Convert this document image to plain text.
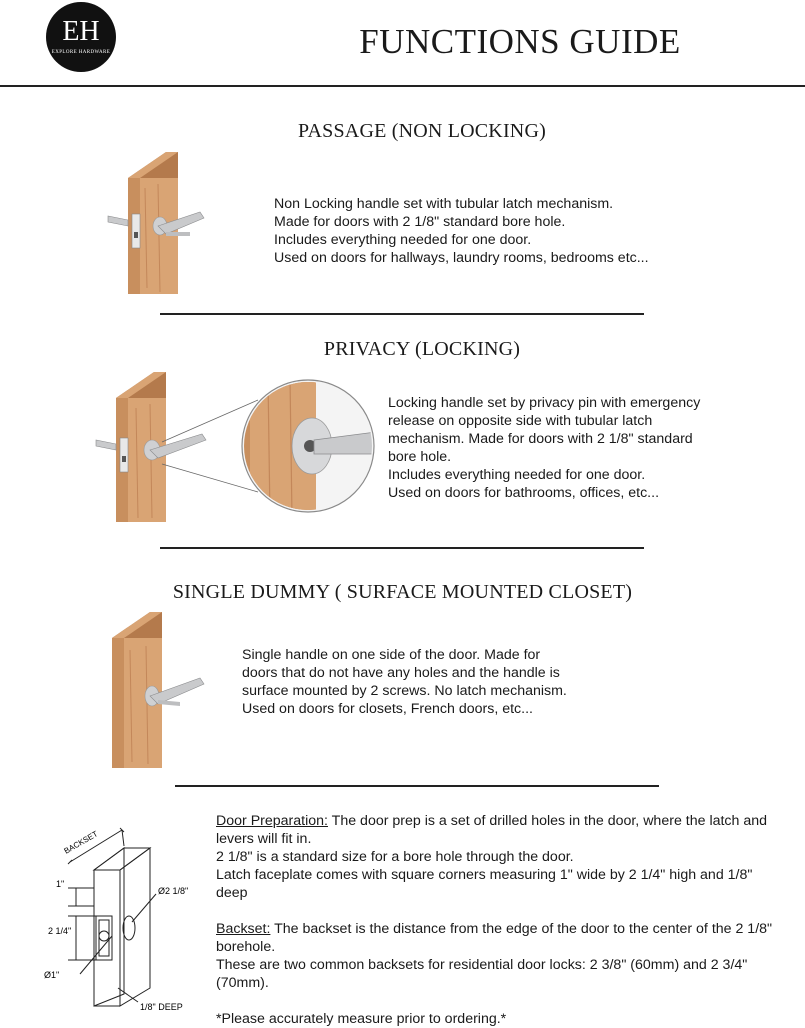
EH
EXPLORE HARDWARE	FUNCTIONS GUIDE
PASSAGE (NON LOCKING)
Non Locking handle set with tubular latch mechanism.
Made for doors with 2 1/8" standard bore hole.
Includes everything needed for one door.
Used on doors for hallways, laundry rooms, bedrooms etc...
PRIVACY (LOCKING)
Locking handle set by privacy pin with emergency
release on opposite side with tubular latch
mechanism. Made for doors with 2 1/8" standard
bore hole.
Includes everything needed for one door.
Used on doors for bathrooms, offices, etc...
SINGLE DUMMY ( SURFACE MOUNTED CLOSET)
Single handle on one side of the door. Made for
doors that do not have any holes and the handle is
surface mounted by 2 screws. No latch mechanism.
Used on doors for closets, French doors, etc...
BACKSET
Ø2 1/8"
1"
2 1/4"
Ø1"
1/8" DEEP

Door Preparation: The door prep is a set of drilled holes in the door, where the latch and levers will fit in.

2 1/8" is a standard size for a bore hole through the door.

Latch faceplate comes with square corners measuring 1" wide by 2 1/4" high and 1/8" deep

Backset: The backset is the distance from the edge of the door to the center of the 2 1/8" borehole.

These are two common backsets for residential door locks: 2 3/8" (60mm) and 2 3/4" (70mm).

*Please accurately measure prior to ordering.*
